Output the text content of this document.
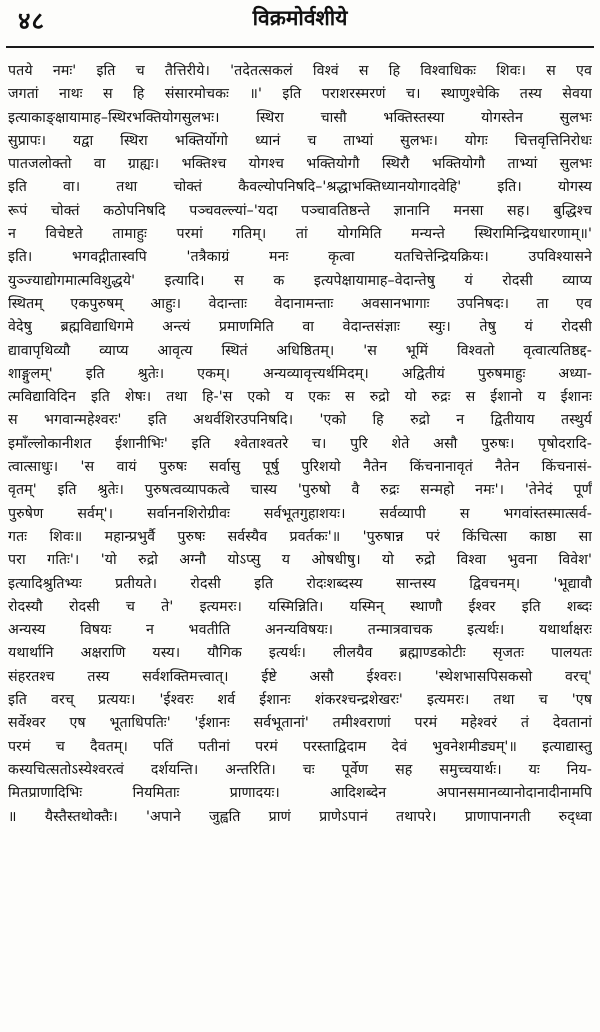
४८	विक्रमोर्वशीये
पतये नमः' इति च तैत्तिरीये। 'तदेतत्सकलं विश्वं स हि विश्वाधिकः शिवः। स एव
जगतां नाथः स हि संसारमोचकः ॥' इति पराशरस्मरणं च। स्थाणुश्चेकि तस्य सेवया
इत्याकाङ्क्षायामाह–स्थिरभक्तियोगसुलभः। स्थिरा चासौ भक्तिस्तस्या योगस्तेन सुलभः
सुप्रापः। यद्वा स्थिरा भक्तिर्योगो ध्यानं च ताभ्यां सुलभः। योगः चित्तवृत्तिनिरोधः
पातजलोक्तो वा ग्राह्यः। भक्तिश्च योगश्च भक्तियोगौ स्थिरौ भक्तियोगौ ताभ्यां सुलभः
इति वा। तथा चोक्तं कैवल्योपनिषदि–'श्रद्धाभक्तिध्यानयोगादवेहि' इति। योगस्य
रूपं चोक्तं कठोपनिषदि पञ्चवल्ल्यां–'यदा पञ्चावतिष्ठन्ते ज्ञानानि मनसा सह। बुद्धिश्च
न विचेष्टते तामाहुः परमां गतिम्। तां योगमिति मन्यन्ते स्थिरामिन्द्रियधारणाम्॥'
इति। भगवद्गीतास्वपि 'तत्रैकाग्रं मनः कृत्वा यतचित्तेन्द्रियक्रियः। उपविश्यासने
युञ्ज्याद्योगमात्मविशुद्धये' इत्यादि। स क इत्यपेक्षायामाह–वेदान्तेषु यं रोदसी व्याप्य
स्थितम् एकपुरुषम् आहुः। वेदान्ताः वेदानामन्ताः अवसानभागाः उपनिषदः। ता एव
वेदेषु ब्रह्मविद्याधिगमे अन्त्यं प्रमाणमिति वा वेदान्तसंज्ञाः स्युः। तेषु यं रोदसी
द्यावापृथिव्यौ व्याप्य आवृत्य स्थितं अधिष्ठितम्। 'स भूमिं विश्वतो वृत्वात्यतिष्ठद्द-
शाङ्गुलम्' इति श्रुतेः। एकम्। अन्यव्यावृत्त्यर्थमिदम्। अद्वितीयं पुरुषमाहुः अध्या-
त्मविद्याविदिन इति शेषः। तथा हि-'स एको य एकः स रुद्रो यो रुद्रः स ईशानो य ईशानः
स भगवान्महेश्वरः' इति अथर्वशिरउपनिषदि। 'एको हि रुद्रो न द्वितीयाय तस्थुर्य
इमाँल्लोकानीशत ईशानीभिः' इति श्वेताश्वतरे च। पुरि शेते असौ पुरुषः। पृषोदरादि-
त्वात्साधुः। 'स वायं पुरुषः सर्वासु पूर्षु पुरिशयो नैतेन किंचनानावृतं नैतेन किंचनासं-
वृतम्' इति श्रुतेः। पुरुषत्वव्यापकत्वे चास्य 'पुरुषो वै रुद्रः सन्महो नमः'। 'तेनेदं पूर्णं
पुरुषेण सर्वम्'। सर्वाननशिरोग्रीवः सर्वभूतगुहाशयः। सर्वव्यापी स भगवांस्तस्मात्सर्व-
गतः शिवः॥ महान्प्रभुर्वै पुरुषः सर्वस्यैव प्रवर्तकः'॥ 'पुरुषान्न परं किंचित्सा काष्ठा सा
परा गतिः'। 'यो रुद्रो अग्नौ योऽप्सु य ओषधीषु। यो रुद्रो विश्वा भुवना विवेश'
इत्यादिश्रुतिभ्यः प्रतीयते। रोदसी इति रोदःशब्दस्य सान्तस्य द्विवचनम्। 'भूद्यावौ
रोदस्यौ रोदसी च ते' इत्यमरः। यस्मिन्निति। यस्मिन् स्थाणौ ईश्वर इति शब्दः
अन्यस्य विषयः न भवतीति अनन्यविषयः। तन्मात्रवाचक इत्यर्थः। यथार्थाक्षरः
यथार्थानि अक्षराणि यस्य। यौगिक इत्यर्थः। लीलयैव ब्रह्माण्डकोटीः सृजतः पालयतः
संहरतश्च तस्य सर्वशक्तिमत्त्वात्। ईष्टे असौ ईश्वरः। 'स्थेशभासपिसकसो वरच्'
इति वरच् प्रत्ययः। 'ईश्वरः शर्व ईशानः शंकरश्चन्द्रशेखरः' इत्यमरः। तथा च 'एष
सर्वेश्वर एष भूताधिपतिः' 'ईशानः सर्वभूतानां' तमीश्वराणां परमं महेश्वरं तं देवतानां
परमं च दैवतम्। पतिं पतीनां परमं परस्ताद्विदाम देवं भुवनेशमीड्यम्'॥ इत्याद्यास्तु
कस्यचित्सतोऽस्येश्वरत्वं दर्शयन्ति। अन्तरिति। चः पूर्वेण सह समुच्चयार्थः। यः निय-
मितप्राणादिभिः नियमिताः प्राणादयः। आदिशब्देन अपानसमानव्यानोदानादीनामपि
॥ यैस्तैस्तथोक्तैः। 'अपाने जुह्वति प्राणं प्राणेऽपानं तथापरे। प्राणापानगती रुद्ध्वा
